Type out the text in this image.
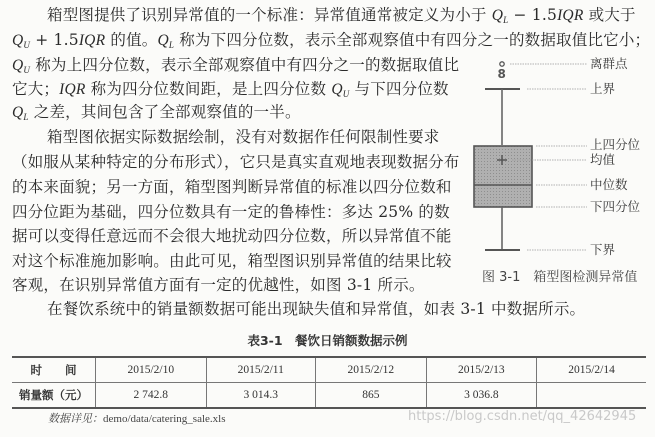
箱型图提供了识别异常值的一个标准：异常值通常被定义为小于 $Q_L - 1.5IQR$ 或大于
$Q_U + 1.5IQR$ 的值。$Q_L$ 称为下四分位数，表示全部观察值中有四分之一的数据取值比它小；
$Q_U$ 称为上四分位数，表示全部观察值中有四分之一的数据取值比
它大；IQR 称为四分位数间距，是上四分位数 $Q_U$ 与下四分位数
$Q_L$ 之差，其间包含了全部观察值的一半。
箱型图依据实际数据绘制，没有对数据作任何限制性要求
（如服从某种特定的分布形式），它只是真实直观地表现数据分布
的本来面貌；另一方面，箱型图判断异常值的标准以四分位数和
四分位距为基础，四分位数具有一定的鲁棒性：多达 25% 的数
据可以变得任意远而不会很大地扰动四分位数，所以异常值不能
对这个标准施加影响。由此可见，箱型图识别异常值的结果比较
客观，在识别异常值方面有一定的优越性，如图 3-1 所示。
在餐饮系统中的销量额数据可能出现缺失值和异常值，如表 3-1 中数据所示。
8
离群点
上界
上四分位
均值
中位数
下四分位
下界
图 3-1　箱型图检测异常值
表3-1　餐饮日销额数据示例
时　　间	2015/2/10	2015/2/11	2015/2/12	2015/2/13	2015/2/14
销量额（元）	2 742.8	3 014.3	865	3 036.8	
数据详见：demo/data/catering_sale.xls	https://blog.csdn.net/qq_42642945
